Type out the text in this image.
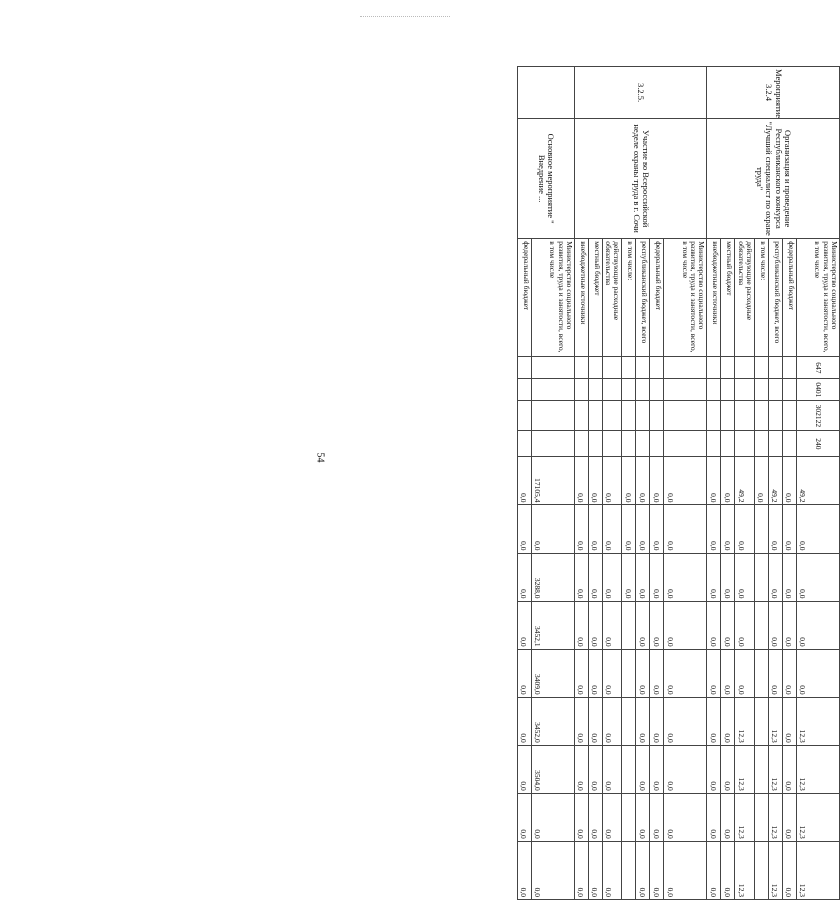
Мероприятие 3.2.4	Организация и проведение Республиканского конкурса "Лучший специалист по охране труда"	Министерство социального развития, труда и занятости, всего, в том числе	647	0401	302122	240	49,2	0,0	0,0	0,0	0,0	12,3	12,3	12,3	12,3
		федеральный бюджет					0,0	0,0	0,0	0,0	0,0	0,0	0,0	0,0	0,0
		республиканский бюджет, всего					49,2	0,0	0,0	0,0	0,0	12,3	12,3	12,3	12,3
		в том числе:					0,0								
		действующие расходные обязательства					49,2	0,0	0,0	0,0	0,0	12,3	12,3	12,3	12,3
		местный бюджет					0,0	0,0	0,0	0,0	0,0	0,0	0,0	0,0	0,0
		внебюджетные источники					0,0	0,0	0,0	0,0	0,0	0,0	0,0	0,0	0,0
3.2.5.	Участие во Всероссийской неделе охраны труда в г. Сочи	Министерство социального развития, труда и занятости, всего, в том числе					0,0	0,0	0,0	0,0	0,0	0,0	0,0	0,0	0,0
		федеральный бюджет					0,0	0,0	0,0	0,0	0,0	0,0	0,0	0,0	0,0
		республиканский бюджет, всего					0,0	0,0	0,0	0,0	0,0	0,0	0,0	0,0	0,0
		в том числе:					0,0	0,0	0,0						
		действующие расходные обязательства					0,0	0,0	0,0	0,0	0,0	0,0	0,0	0,0	0,0
		местный бюджет					0,0	0,0	0,0	0,0	0,0	0,0	0,0	0,0	0,0
		внебюджетные источники					0,0	0,0	0,0	0,0	0,0	0,0	0,0	0,0	0,0
	Основное мероприятие " Внедрение ...	Министерство социального развития, труда и занятости, всего, в том числе					17105,4	0,0	3288,0	3452,1	3409,0	3452,0	3504,0	0,0	0,0
		федеральный бюджет					0,0	0,0	0,0	0,0	0,0	0,0	0,0	0,0	0,0
54
